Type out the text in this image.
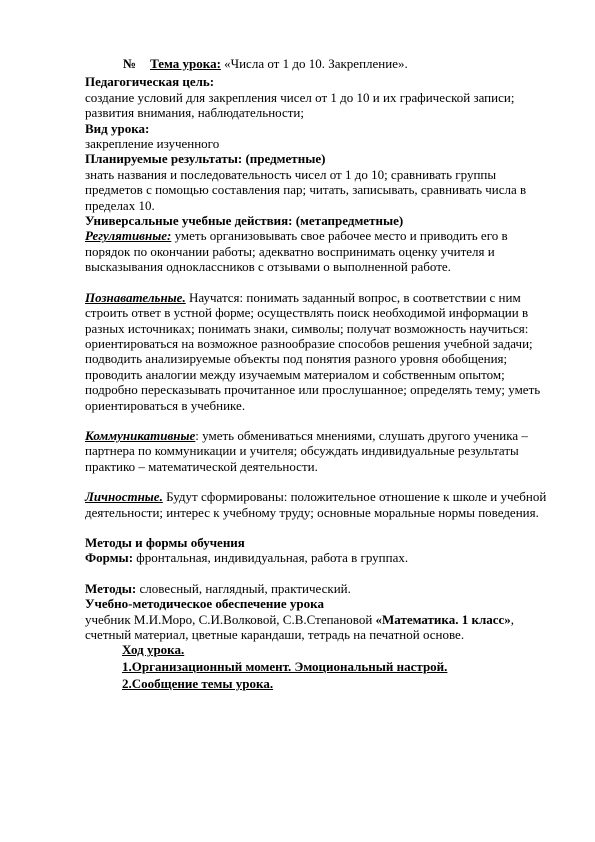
№ Тема урока: «Числа от 1 до 10. Закрепление».
Педагогическая цель:

создание условий для закрепления чисел от 1 до 10 и их графической записи; развития внимания, наблюдательности;

Вид урока:

закрепление изученного

Планируемые результаты: (предметные)

знать названия и последовательность чисел от 1 до 10; сравнивать группы предметов с помощью составления пар; читать, записывать, сравнивать числа в пределах 10.

Универсальные учебные действия: (метапредметные)

Регулятивные: уметь организовывать свое рабочее место и приводить его в порядок по окончании работы; адекватно воспринимать оценку учителя и высказывания одноклассников с отзывами о выполненной работе.

Познавательные. Научатся: понимать заданный вопрос, в соответствии с ним строить ответ в устной форме; осуществлять поиск необходимой информации в разных источниках; понимать знаки, символы; получат возможность научиться: ориентироваться на возможное разнообразие способов решения учебной задачи; подводить анализируемые объекты под понятия разного уровня обобщения; проводить аналогии между изучаемым материалом и собственным опытом; подробно пересказывать прочитанное или прослушанное; определять тему; уметь ориентироваться в учебнике.

Коммуникативные: уметь обмениваться мнениями, слушать другого ученика – партнера по коммуникации и учителя; обсуждать индивидуальные результаты практико – математической деятельности.

Личностные. Будут сформированы: положительное отношение к школе и учебной деятельности; интерес к учебному труду; основные моральные нормы поведения.

Методы и формы обучения

Формы: фронтальная, индивидуальная, работа в группах.

Методы: словесный, наглядный, практический.

Учебно-методическое обеспечение урока

учебник М.И.Моро, С.И.Волковой, С.В.Степановой «Математика. 1 класс», счетный материал, цветные карандаши, тетрадь на печатной основе.

Ход урока.
1.Организационный момент. Эмоциональный настрой.
2.Сообщение темы урока.
